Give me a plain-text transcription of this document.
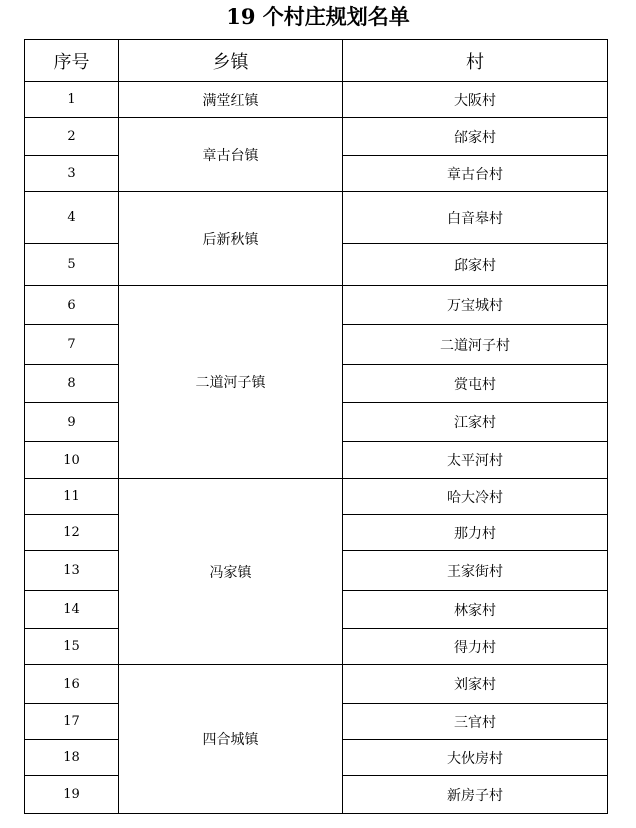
19 个村庄规划名单
序号	乡镇	村
1	满堂红镇	大阪村
2	章古台镇	邰家村
3		章古台村
4	后新秋镇	白音皋村
5		邱家村
6	二道河子镇	万宝城村
7		二道河子村
8		赏屯村
9		江家村
10		太平河村
11	冯家镇	哈大冷村
12		那力村
13		王家街村
14		林家村
15		得力村
16	四合城镇	刘家村
17		三官村
18		大伙房村
19		新房子村
